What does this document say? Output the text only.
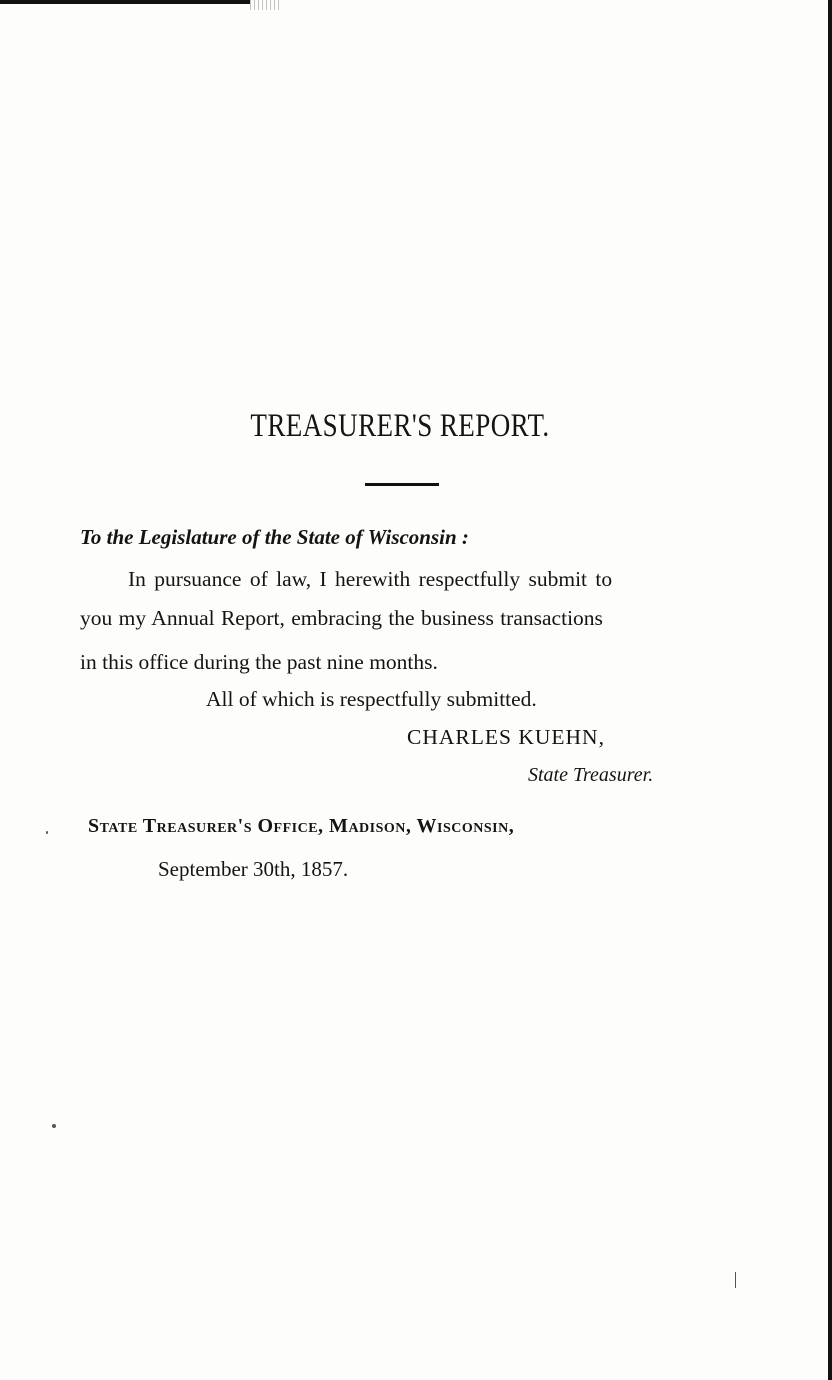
TREASURER'S REPORT.
To the Legislature of the State of Wisconsin :
In pursuance of law, I herewith respectfully submit to
you my Annual Report, embracing the business transactions
in this office during the past nine months.
All of which is respectfully submitted.
CHARLES KUEHN,
State Treasurer.
State Treasurer's Office, Madison, Wisconsin,
September 30th, 1857.
